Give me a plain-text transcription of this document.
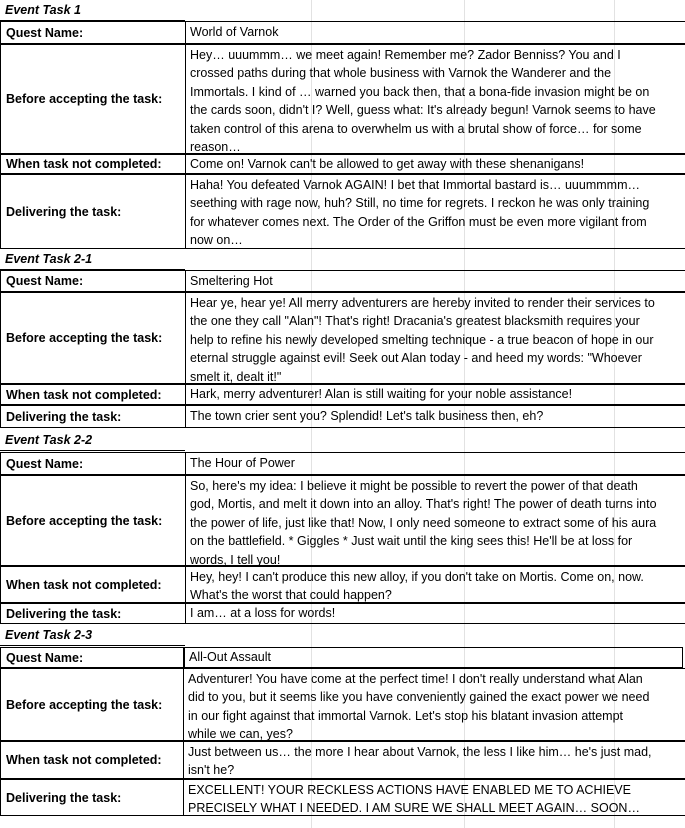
Event Task 1
Quest Name:	World of Varnok
Before accepting the task:
Hey… uuummm… we meet again! Remember me? Zador Benniss? You and I
crossed paths during that whole business with Varnok the Wanderer and the
Immortals. I kind of … warned you back then, that a bona-fide invasion might be on
the cards soon, didn't I? Well, guess what: It's already begun! Varnok seems to have
taken control of this arena to overwhelm us with a brutal show of force… for some
reason…
When task not completed:	Come on! Varnok can't be allowed to get away with these shenanigans!
Delivering the task:
Haha! You defeated Varnok AGAIN! I bet that Immortal bastard is… uuummmm…
seething with rage now, huh? Still, no time for regrets. I reckon he was only training
for whatever comes next. The Order of the Griffon must be even more vigilant from
now on…
Event Task 2-1
Quest Name:	Smeltering Hot
Before accepting the task:
Hear ye, hear ye! All merry adventurers are hereby invited to render their services to
the one they call "Alan"! That's right! Dracania's greatest blacksmith requires your
help to refine his newly developed smelting technique - a true beacon of hope in our
eternal struggle against evil! Seek out Alan today - and heed my words: "Whoever
smelt it, dealt it!"
When task not completed:	Hark, merry adventurer! Alan is still waiting for your noble assistance!
Delivering the task:	The town crier sent you? Splendid! Let's talk business then, eh?
Event Task 2-2
Quest Name:	The Hour of Power
Before accepting the task:
So, here's my idea: I believe it might be possible to revert the power of that death
god, Mortis, and melt it down into an alloy. That's right! The power of death turns into
the power of life, just like that! Now, I only need someone to extract some of his aura
on the battlefield. * Giggles * Just wait until the king sees this! He'll be at loss for
words, I tell you!
When task not completed:
Hey, hey! I can't produce this new alloy, if you don't take on Mortis. Come on, now.
What's the worst that could happen?
Delivering the task:	I am… at a loss for words!
Event Task 2-3
Quest Name:	All-Out Assault
Before accepting the task:
Adventurer! You have come at the perfect time! I don't really understand what Alan
did to you, but it seems like you have conveniently gained the exact power we need
in our fight against that immortal Varnok. Let's stop his blatant invasion attempt
while we can, yes?
When task not completed:
Just between us… the more I hear about Varnok, the less I like him… he's just mad,
isn't he?
Delivering the task:
EXCELLENT! YOUR RECKLESS ACTIONS HAVE ENABLED ME TO ACHIEVE
PRECISELY WHAT I NEEDED. I AM SURE WE SHALL MEET AGAIN… SOON…
